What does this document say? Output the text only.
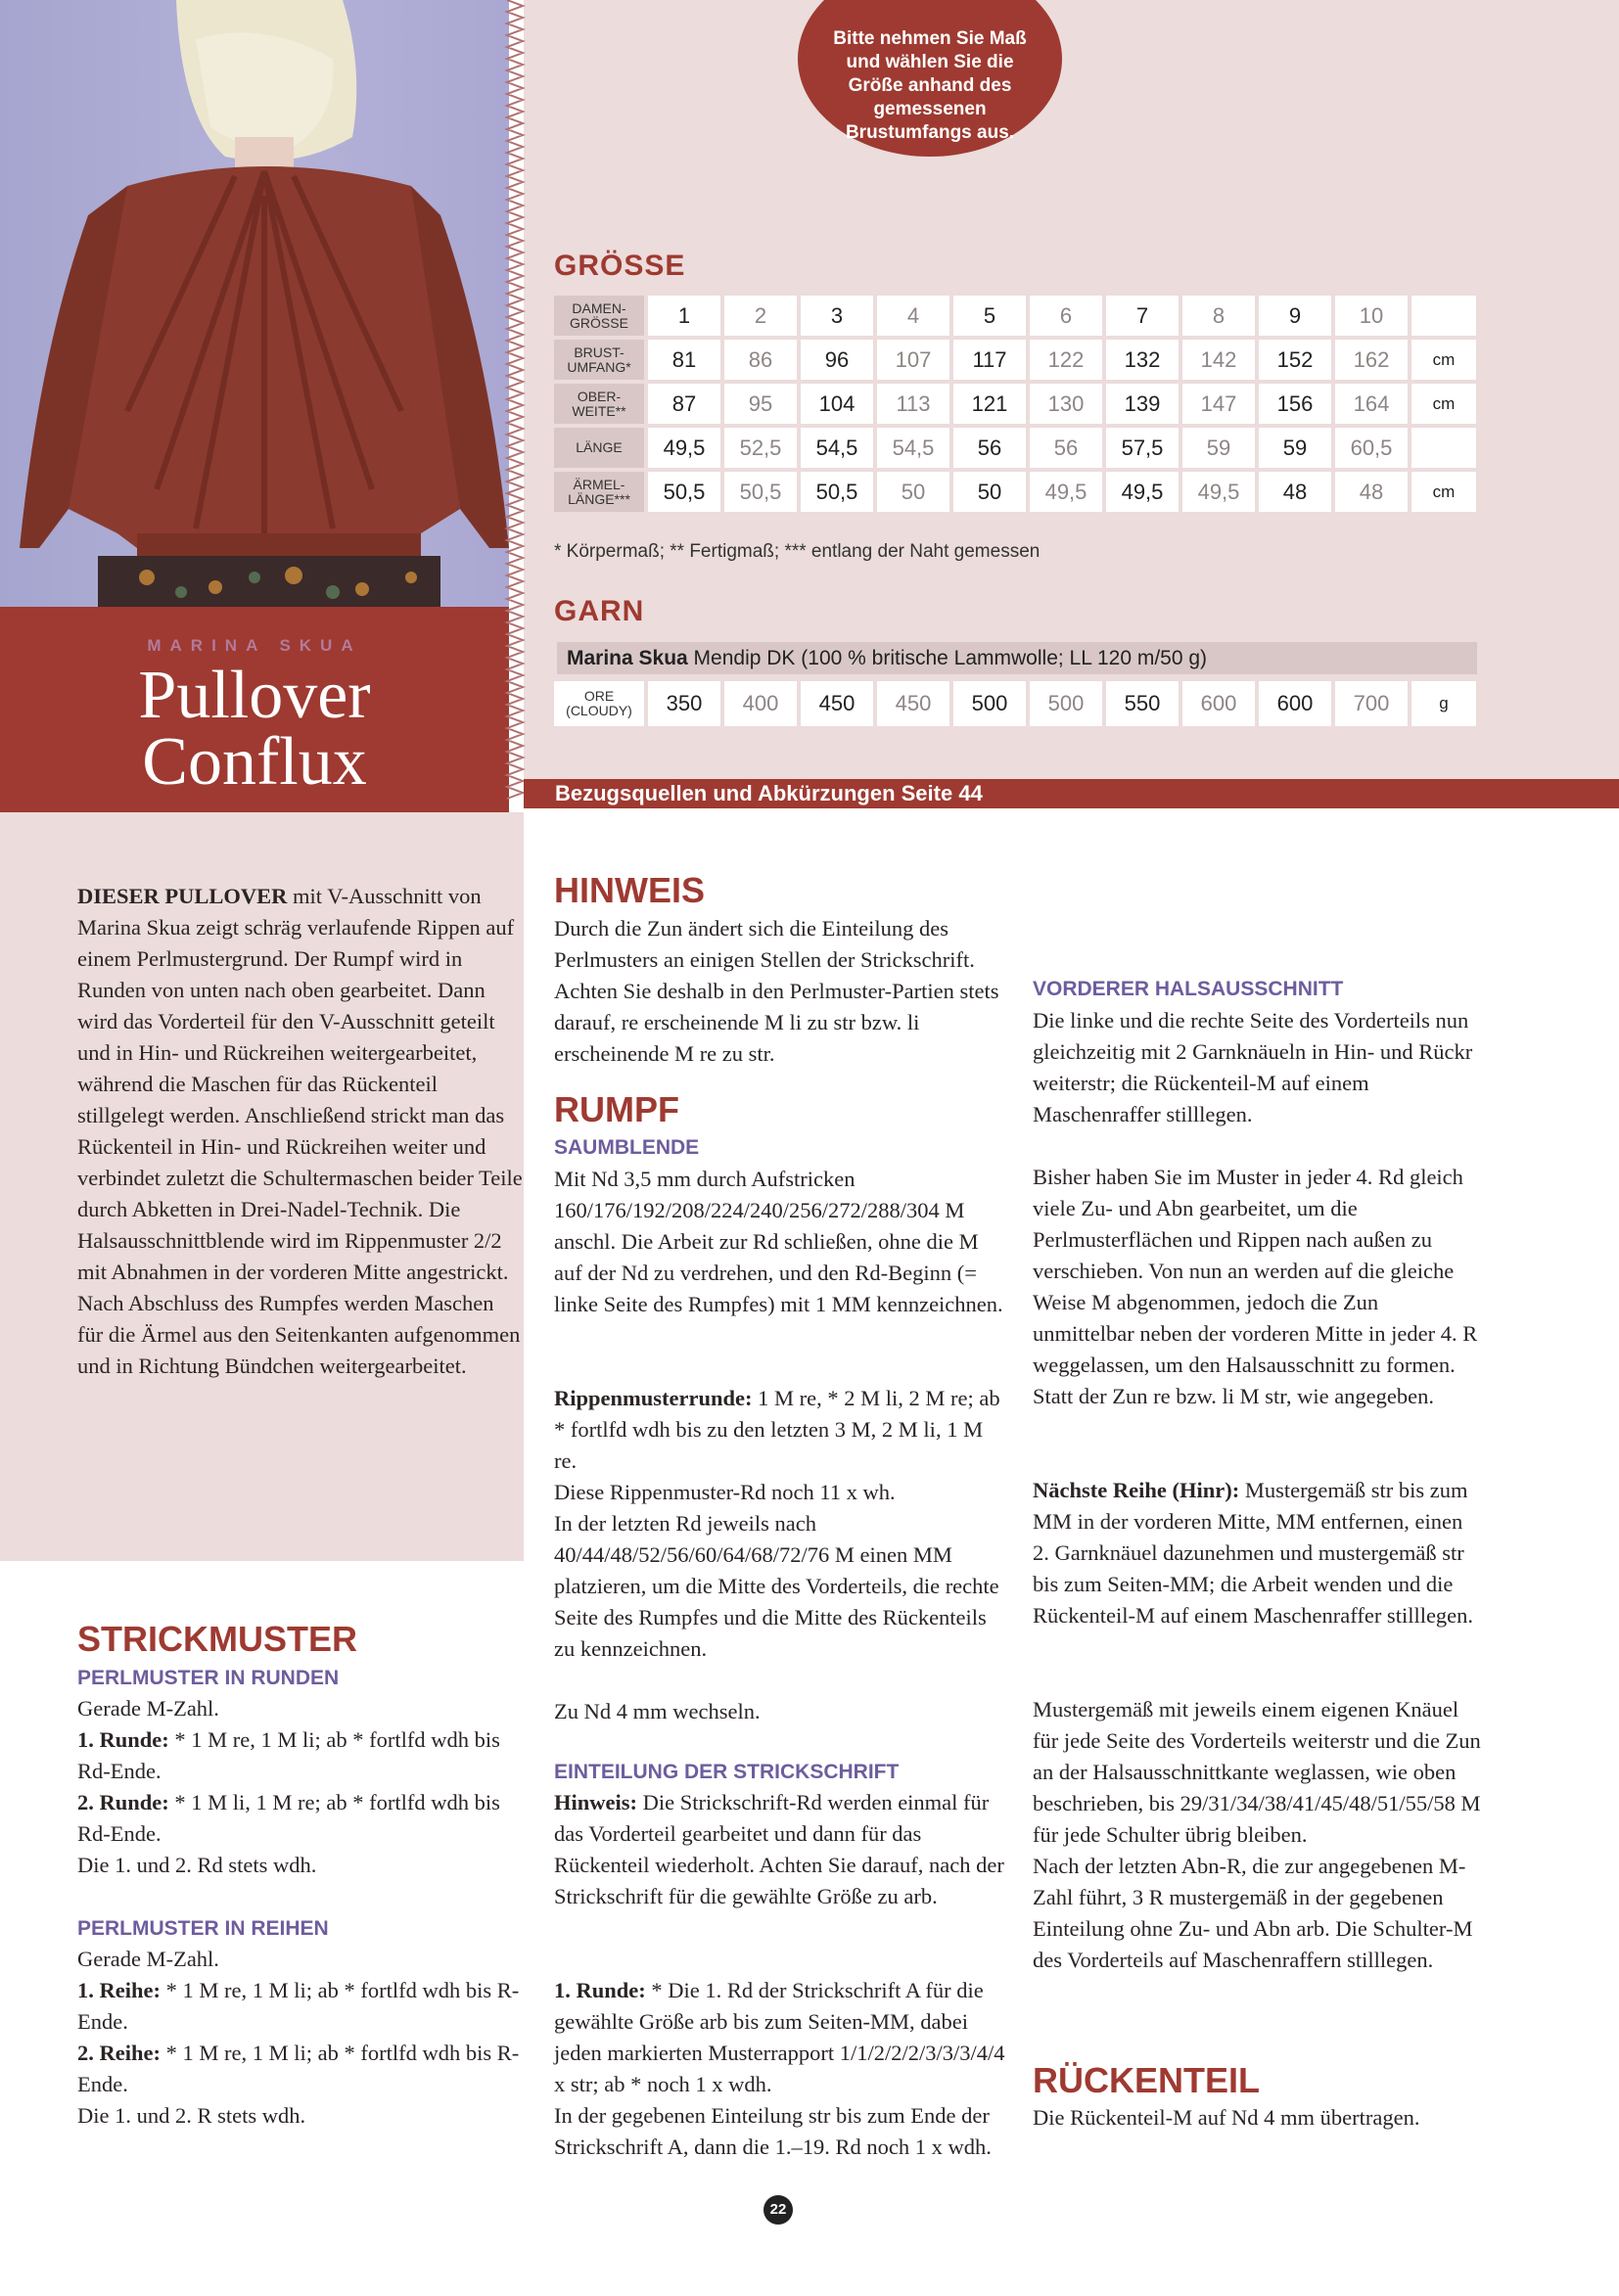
MARINA SKUA
Pullover
Conflux
Bitte nehmen Sie Maß und wählen Sie die Größe anhand des gemessenen Brustumfangs aus.
GRÖSSE
DAMEN-
GRÖSSE	1	2	3	4	5	6	7	8	9	10	
BRUST-
UMFANG*	81	86	96	107	117	122	132	142	152	162	cm
OBER-
WEITE**	87	95	104	113	121	130	139	147	156	164	cm
LÄNGE	49,5	52,5	54,5	54,5	56	56	57,5	59	59	60,5	
ÄRMEL-
LÄNGE***	50,5	50,5	50,5	50	50	49,5	49,5	49,5	48	48	cm
* Körpermaß; ** Fertigmaß; *** entlang der Naht gemessen
GARN
Marina Skua Mendip DK (100 % britische Lammwolle; LL 120 m/50 g)
ORE
(CLOUDY)	350	400	450	450	500	500	550	600	600	700	g
Bezugsquellen und Abkürzungen Seite 44

DIESER PULLOVER mit V-Ausschnitt von Marina Skua zeigt schräg verlaufende Rippen auf einem Perlmustergrund. Der Rumpf wird in Runden von unten nach oben gearbeitet. Dann wird das Vorderteil für den V-Ausschnitt geteilt und in Hin- und Rückreihen weitergearbeitet, während die Maschen für das Rückenteil stillgelegt werden. Anschließend strickt man das Rückenteil in Hin- und Rückreihen weiter und verbindet zuletzt die Schultermaschen beider Teile durch Abketten in Drei-Nadel-Technik. Die Halsausschnittblende wird im Rippenmuster 2/2 mit Abnahmen in der vorderen Mitte angestrickt. Nach Abschluss des Rumpfes werden Maschen für die Ärmel aus den Seitenkanten aufgenommen und in Richtung Bündchen weitergearbeitet.

STRICKMUSTER
PERLMUSTER IN RUNDEN

Gerade M-Zahl.
1. Runde: * 1 M re, 1 M li; ab * fortlfd wdh bis Rd-Ende.
2. Runde: * 1 M li, 1 M re; ab * fortlfd wdh bis Rd-Ende.
Die 1. und 2. Rd stets wdh.

PERLMUSTER IN REIHEN

Gerade M-Zahl.
1. Reihe: * 1 M re, 1 M li; ab * fortlfd wdh bis R-Ende.
2. Reihe: * 1 M re, 1 M li; ab * fortlfd wdh bis R-Ende.
Die 1. und 2. R stets wdh.

HINWEIS

Durch die Zun ändert sich die Einteilung des Perlmusters an einigen Stellen der Strickschrift. Achten Sie deshalb in den Perlmuster-Partien stets darauf, re erscheinende M li zu str bzw. li erscheinende M re zu str.

RUMPF
SAUMBLENDE

Mit Nd 3,5 mm durch Aufstricken 160/176/192/208/224/240/256/272/288/304 M anschl. Die Arbeit zur Rd schließen, ohne die M auf der Nd zu verdrehen, und den Rd-Beginn (= linke Seite des Rumpfes) mit 1 MM kennzeichnen.

Rippenmusterrunde: 1 M re, * 2 M li, 2 M re; ab * fortlfd wdh bis zu den letzten 3 M, 2 M li, 1 M re.
Diese Rippenmuster-Rd noch 11 x wh.
In der letzten Rd jeweils nach 40/44/48/52/56/60/64/68/72/76 M einen MM platzieren, um die Mitte des Vorderteils, die rechte Seite des Rumpfes und die Mitte des Rückenteils zu kennzeichnen.

Zu Nd 4 mm wechseln.

EINTEILUNG DER STRICKSCHRIFT

Hinweis: Die Strickschrift-Rd werden einmal für das Vorderteil gearbeitet und dann für das Rückenteil wiederholt. Achten Sie darauf, nach der Strickschrift für die gewählte Größe zu arb.

1. Runde: * Die 1. Rd der Strickschrift A für die gewählte Größe arb bis zum Seiten-MM, dabei jeden markierten Musterrapport 1/1/2/2/2/3/3/3/4/4 x str; ab * noch 1 x wdh.
In der gegebenen Einteilung str bis zum Ende der Strickschrift A, dann die 1.–19. Rd noch 1 x wdh.

VORDERER HALSAUSSCHNITT

Die linke und die rechte Seite des Vorderteils nun gleichzeitig mit 2 Garnknäueln in Hin- und Rückr weiterstr; die Rückenteil-M auf einem Maschenraffer stilllegen.

Bisher haben Sie im Muster in jeder 4. Rd gleich viele Zu- und Abn gearbeitet, um die Perlmusterflächen und Rippen nach außen zu verschieben. Von nun an werden auf die gleiche Weise M abgenommen, jedoch die Zun unmittelbar neben der vorderen Mitte in jeder 4. R weggelassen, um den Halsausschnitt zu formen. Statt der Zun re bzw. li M str, wie angegeben.

Nächste Reihe (Hinr): Mustergemäß str bis zum MM in der vorderen Mitte, MM entfernen, einen 2. Garnknäuel dazunehmen und mustergemäß str bis zum Seiten-MM; die Arbeit wenden und die Rückenteil-M auf einem Maschenraffer stilllegen.

Mustergemäß mit jeweils einem eigenen Knäuel für jede Seite des Vorderteils weiterstr und die Zun an der Halsausschnittkante weglassen, wie oben beschrieben, bis 29/31/34/38/41/45/48/51/55/58 M für jede Schulter übrig bleiben.
Nach der letzten Abn-R, die zur angegebenen M-Zahl führt, 3 R mustergemäß in der gegebenen Einteilung ohne Zu- und Abn arb. Die Schulter-M des Vorderteils auf Maschenraffern stilllegen.

RÜCKENTEIL

Die Rückenteil-M auf Nd 4 mm übertragen.

22
